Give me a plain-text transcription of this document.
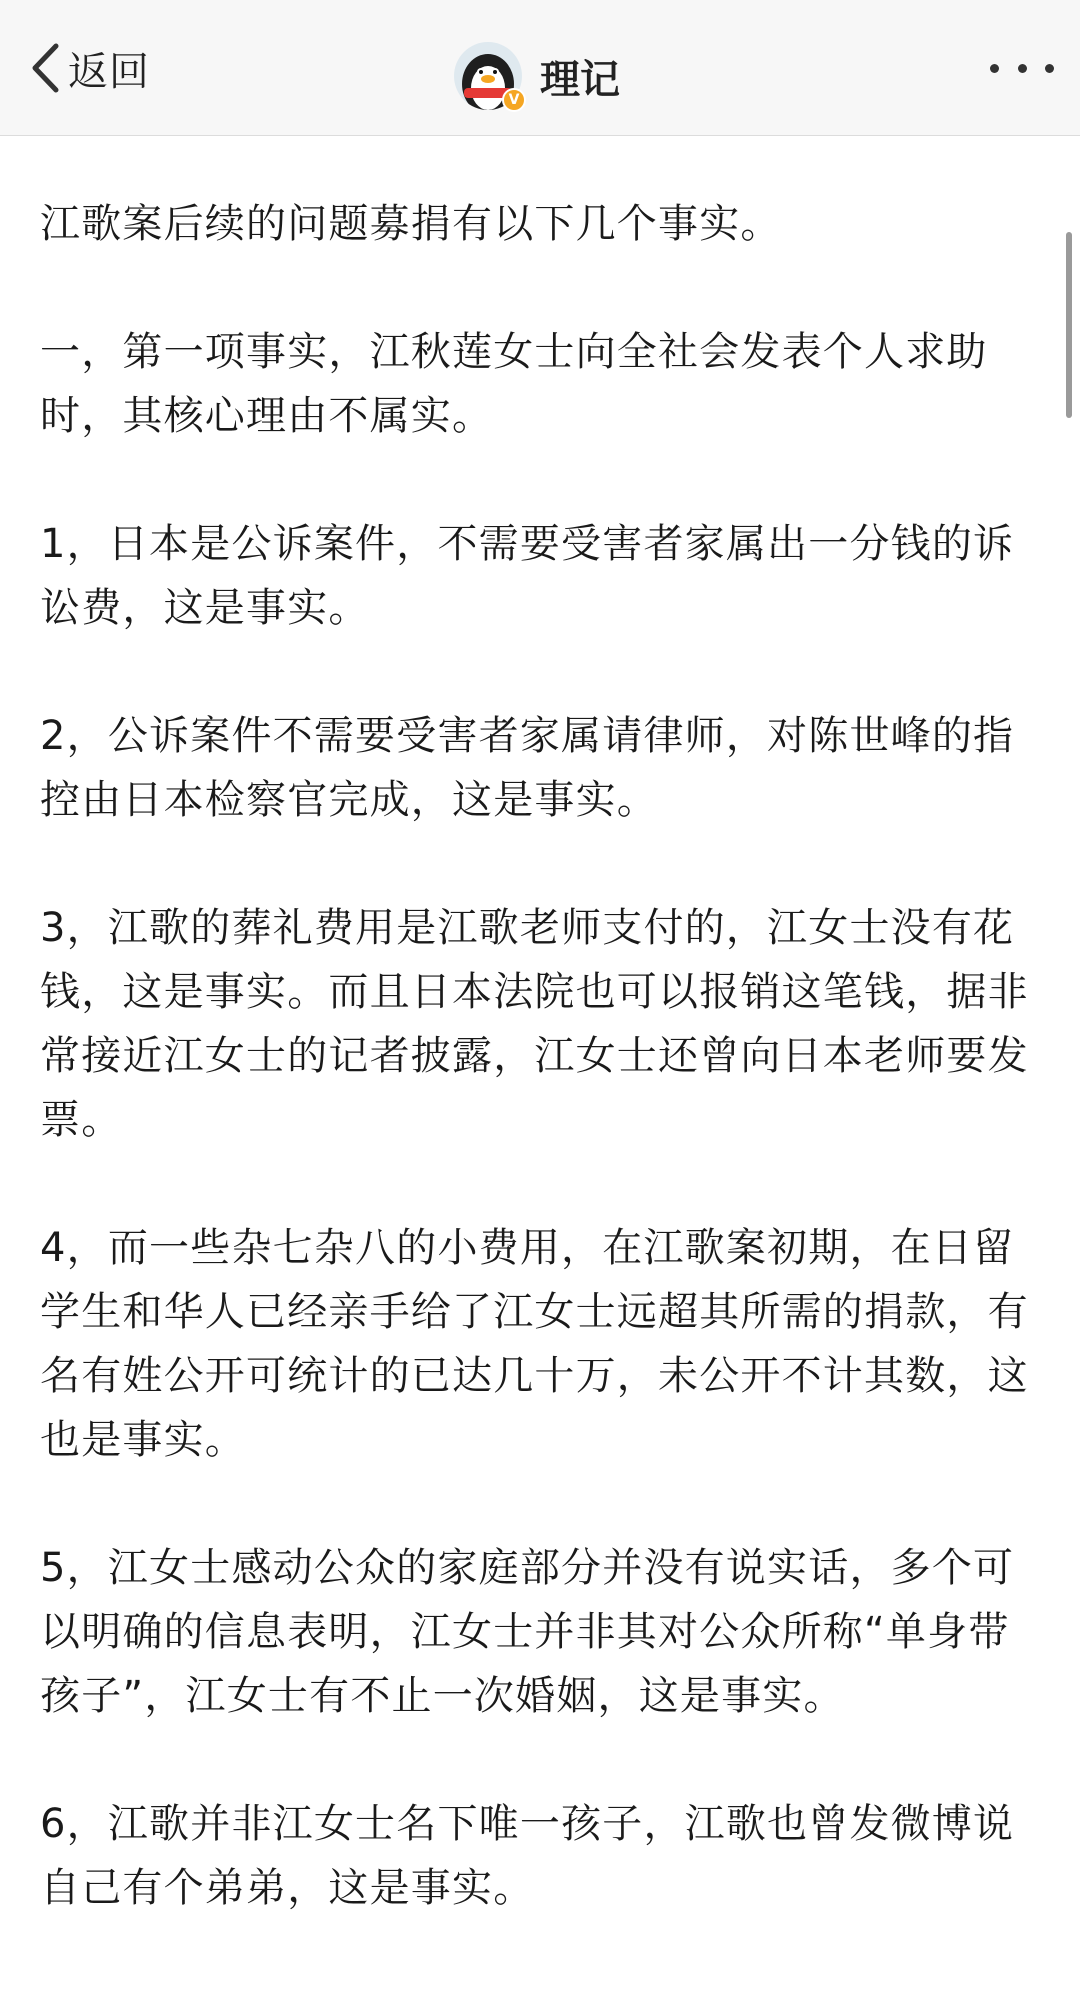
返回
V 理记

江歌案后续的问题募捐有以下几个事实。

一，第一项事实，江秋莲女士向全社会发表个人求助时，其核心理由不属实。

1，日本是公诉案件，不需要受害者家属出一分钱的诉讼费，这是事实。

2，公诉案件不需要受害者家属请律师，对陈世峰的指控由日本检察官完成，这是事实。

3，江歌的葬礼费用是江歌老师支付的，江女士没有花钱，这是事实。而且日本法院也可以报销这笔钱，据非常接近江女士的记者披露，江女士还曾向日本老师要发票。

4，而一些杂七杂八的小费用，在江歌案初期，在日留学生和华人已经亲手给了江女士远超其所需的捐款，有名有姓公开可统计的已达几十万，未公开不计其数，这也是事实。

5，江女士感动公众的家庭部分并没有说实话，多个可以明确的信息表明，江女士并非其对公众所称“单身带孩子”，江女士有不止一次婚姻，这是事实。

6，江歌并非江女士名下唯一孩子，江歌也曾发微博说自己有个弟弟，这是事实。
